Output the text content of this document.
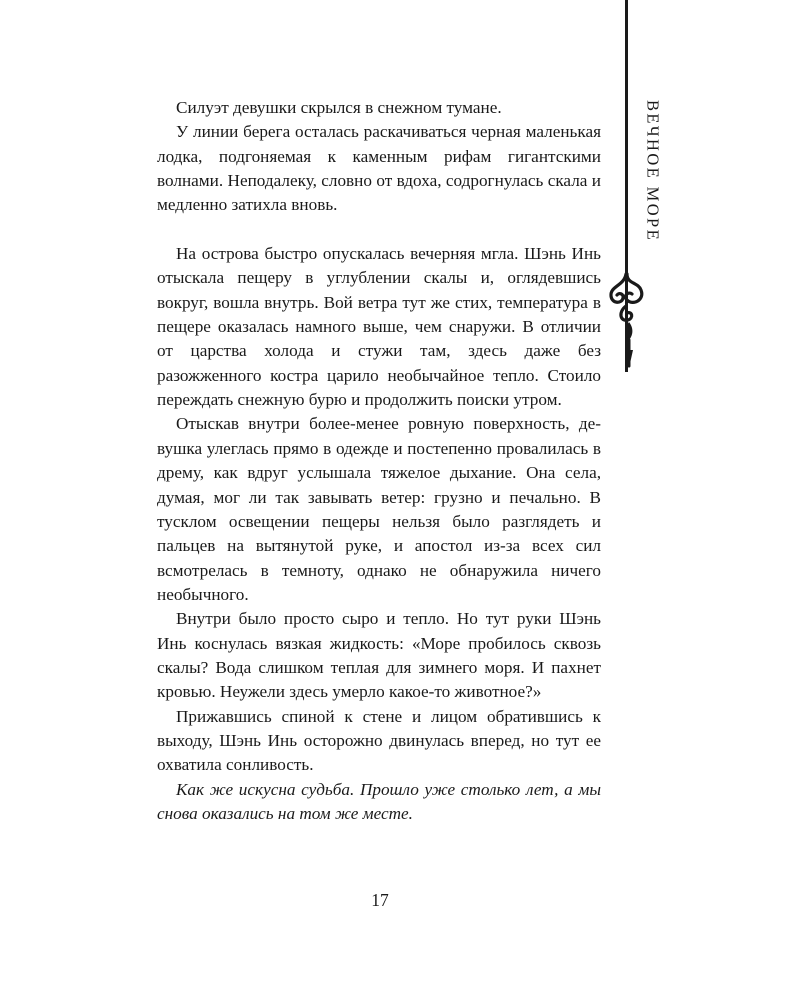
ВЕЧНОЕ МОРЕ

Силуэт девушки скрылся в снежном тумане.

У линии берега осталась раскачиваться черная маленькая лодка, подгоняемая к каменным рифам гигантскими волнами. Неподалеку, словно от вдоха, содрогнулась скала и медленно затихла вновь.

На острова быстро опускалась вечерняя мгла. Шэнь Инь отыскала пещеру в углублении скалы и, оглядевшись вокруг, вошла внутрь. Вой ветра тут же стих, температура в пещере оказалась намного выше, чем снаружи. В отличии от царства холода и стужи там, здесь даже без разожженного костра царило необычайное тепло. Стоило переждать снежную бурю и продолжить поиски утром.

Отыскав внутри более-менее ровную поверхность, девушка улеглась прямо в одежде и постепенно провалилась в дрему, как вдруг услышала тяжелое дыхание. Она села, думая, мог ли так завывать ветер: грузно и печально. В тусклом освещении пещеры нельзя было разглядеть и пальцев на вытянутой руке, и апостол из-за всех сил всмотрелась в темноту, однако не обнаружила ничего необычного.

Внутри было просто сыро и тепло. Но тут руки Шэнь Инь коснулась вязкая жидкость: «Море пробилось сквозь скалы? Вода слишком теплая для зимнего моря. И пахнет кровью. Неужели здесь умерло какое-то животное?»

Прижавшись спиной к стене и лицом обратившись к выходу, Шэнь Инь осторожно двинулась вперед, но тут ее охватила сонливость.

Как же искусна судьба. Прошло уже столько лет, а мы снова оказались на том же месте.

17
